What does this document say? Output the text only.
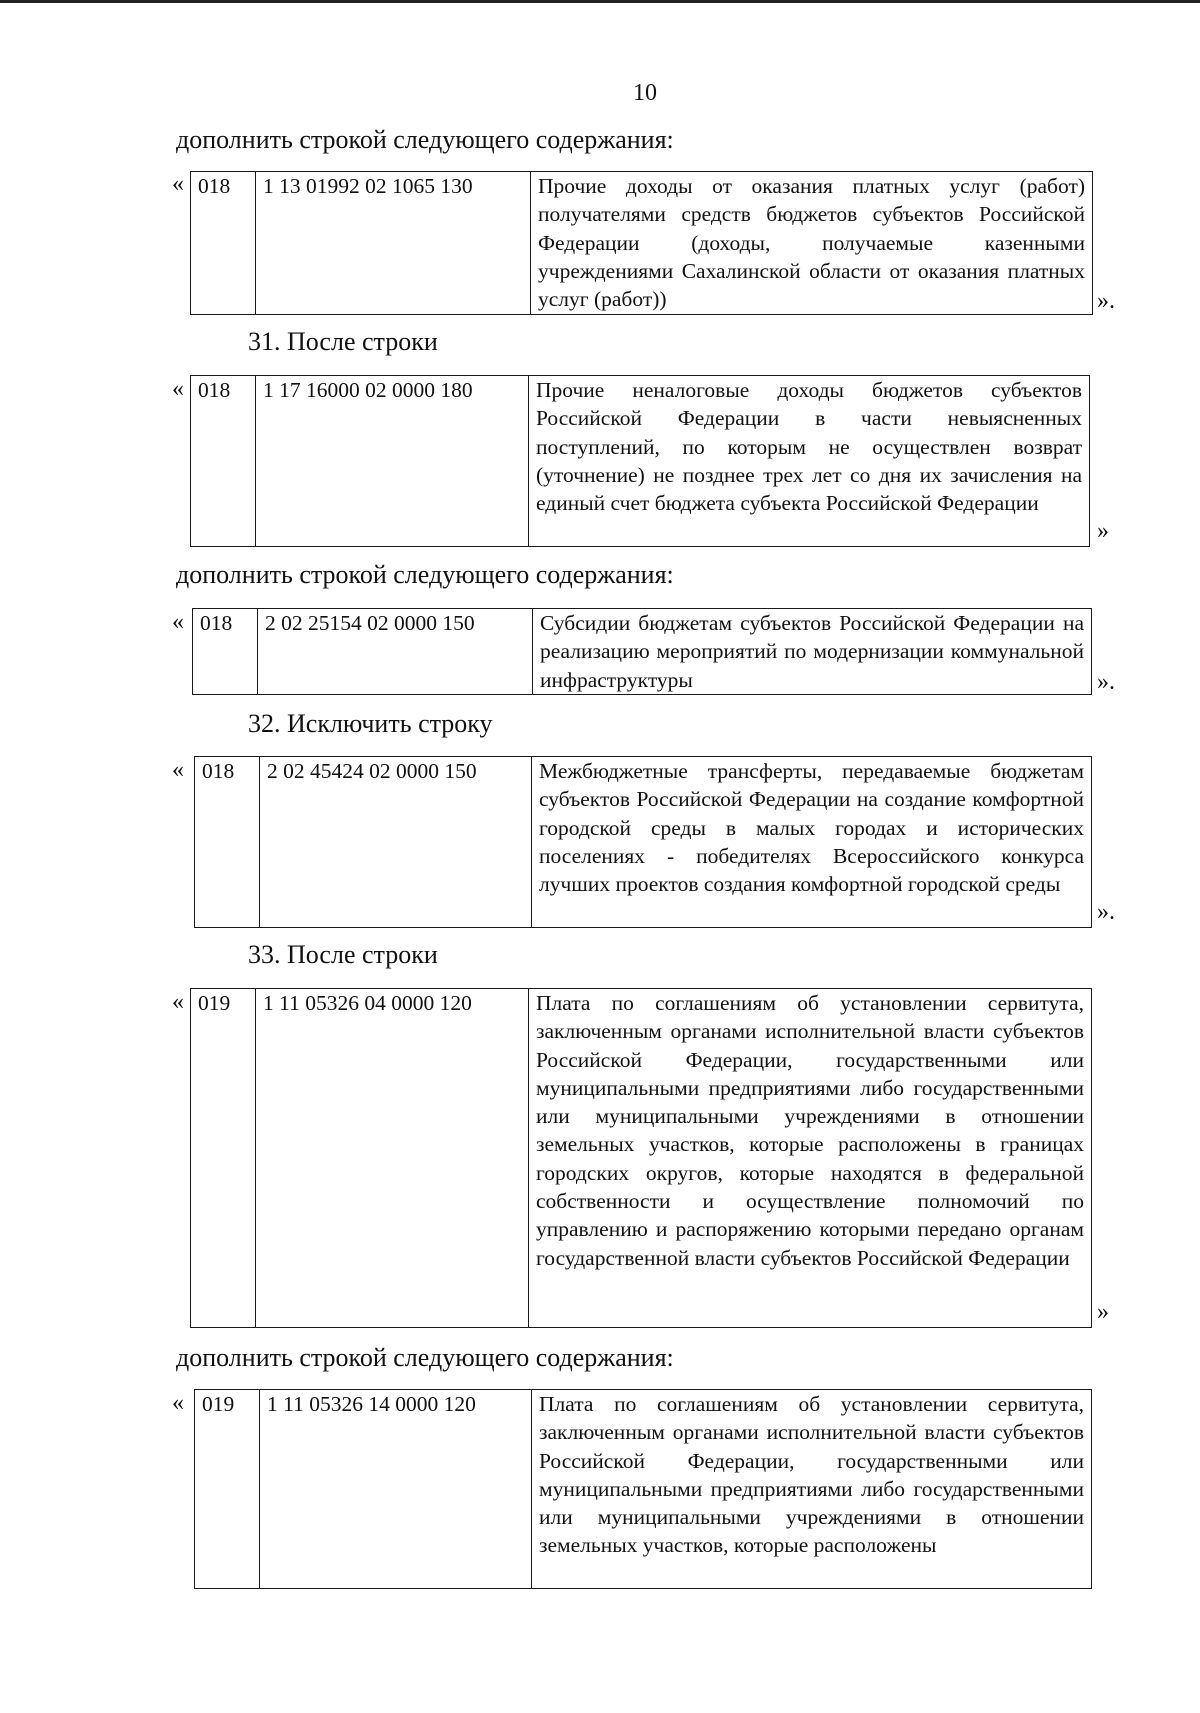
10
дополнить строкой следующего содержания:
« 018	1 13 01992 02 1065 130	Прочие доходы от оказания платных услуг (работ) получателями средств бюджетов субъектов Российской Федерации (доходы, получаемые казенными учреждениями Сахалинской области от оказания платных услуг (работ))	».
31. После строки
« 018	1 17 16000 02 0000 180	Прочие неналоговые доходы бюджетов субъектов Российской Федерации в части невыясненных поступлений, по которым не осуществлен возврат (уточнение) не позднее трех лет со дня их зачисления на единый счет бюджета субъекта Российской Федерации
»
дополнить строкой следующего содержания:
« 018	2 02 25154 02 0000 150	Субсидии бюджетам субъектов Российской Федерации на реализацию мероприятий по модернизации коммунальной инфраструктуры	».
32. Исключить строку
« 018	2 02 45424 02 0000 150	Межбюджетные трансферты, передаваемые бюджетам субъектов Российской Федерации на создание комфортной городской среды в малых городах и исторических поселениях - победителях Всероссийского конкурса лучших проектов создания комфортной городской среды
».
33. После строки
« 019	1 11 05326 04 0000 120	Плата по соглашениям об установлении сервитута, заключенным органами исполнительной власти субъектов Российской Федерации, государственными или муниципальными предприятиями либо государственными или муниципальными учреждениями в отношении земельных участков, которые расположены в границах городских округов, которые находятся в федеральной собственности и осуществление полномочий по управлению и распоряжению которыми передано органам государственной власти субъектов Российской Федерации
»
дополнить строкой следующего содержания:
« 019	1 11 05326 14 0000 120	Плата по соглашениям об установлении сервитута, заключенным органами исполнительной власти субъектов Российской Федерации, государственными или муниципальными предприятиями либо государственными или муниципальными учреждениями в отношении земельных участков, которые расположены
